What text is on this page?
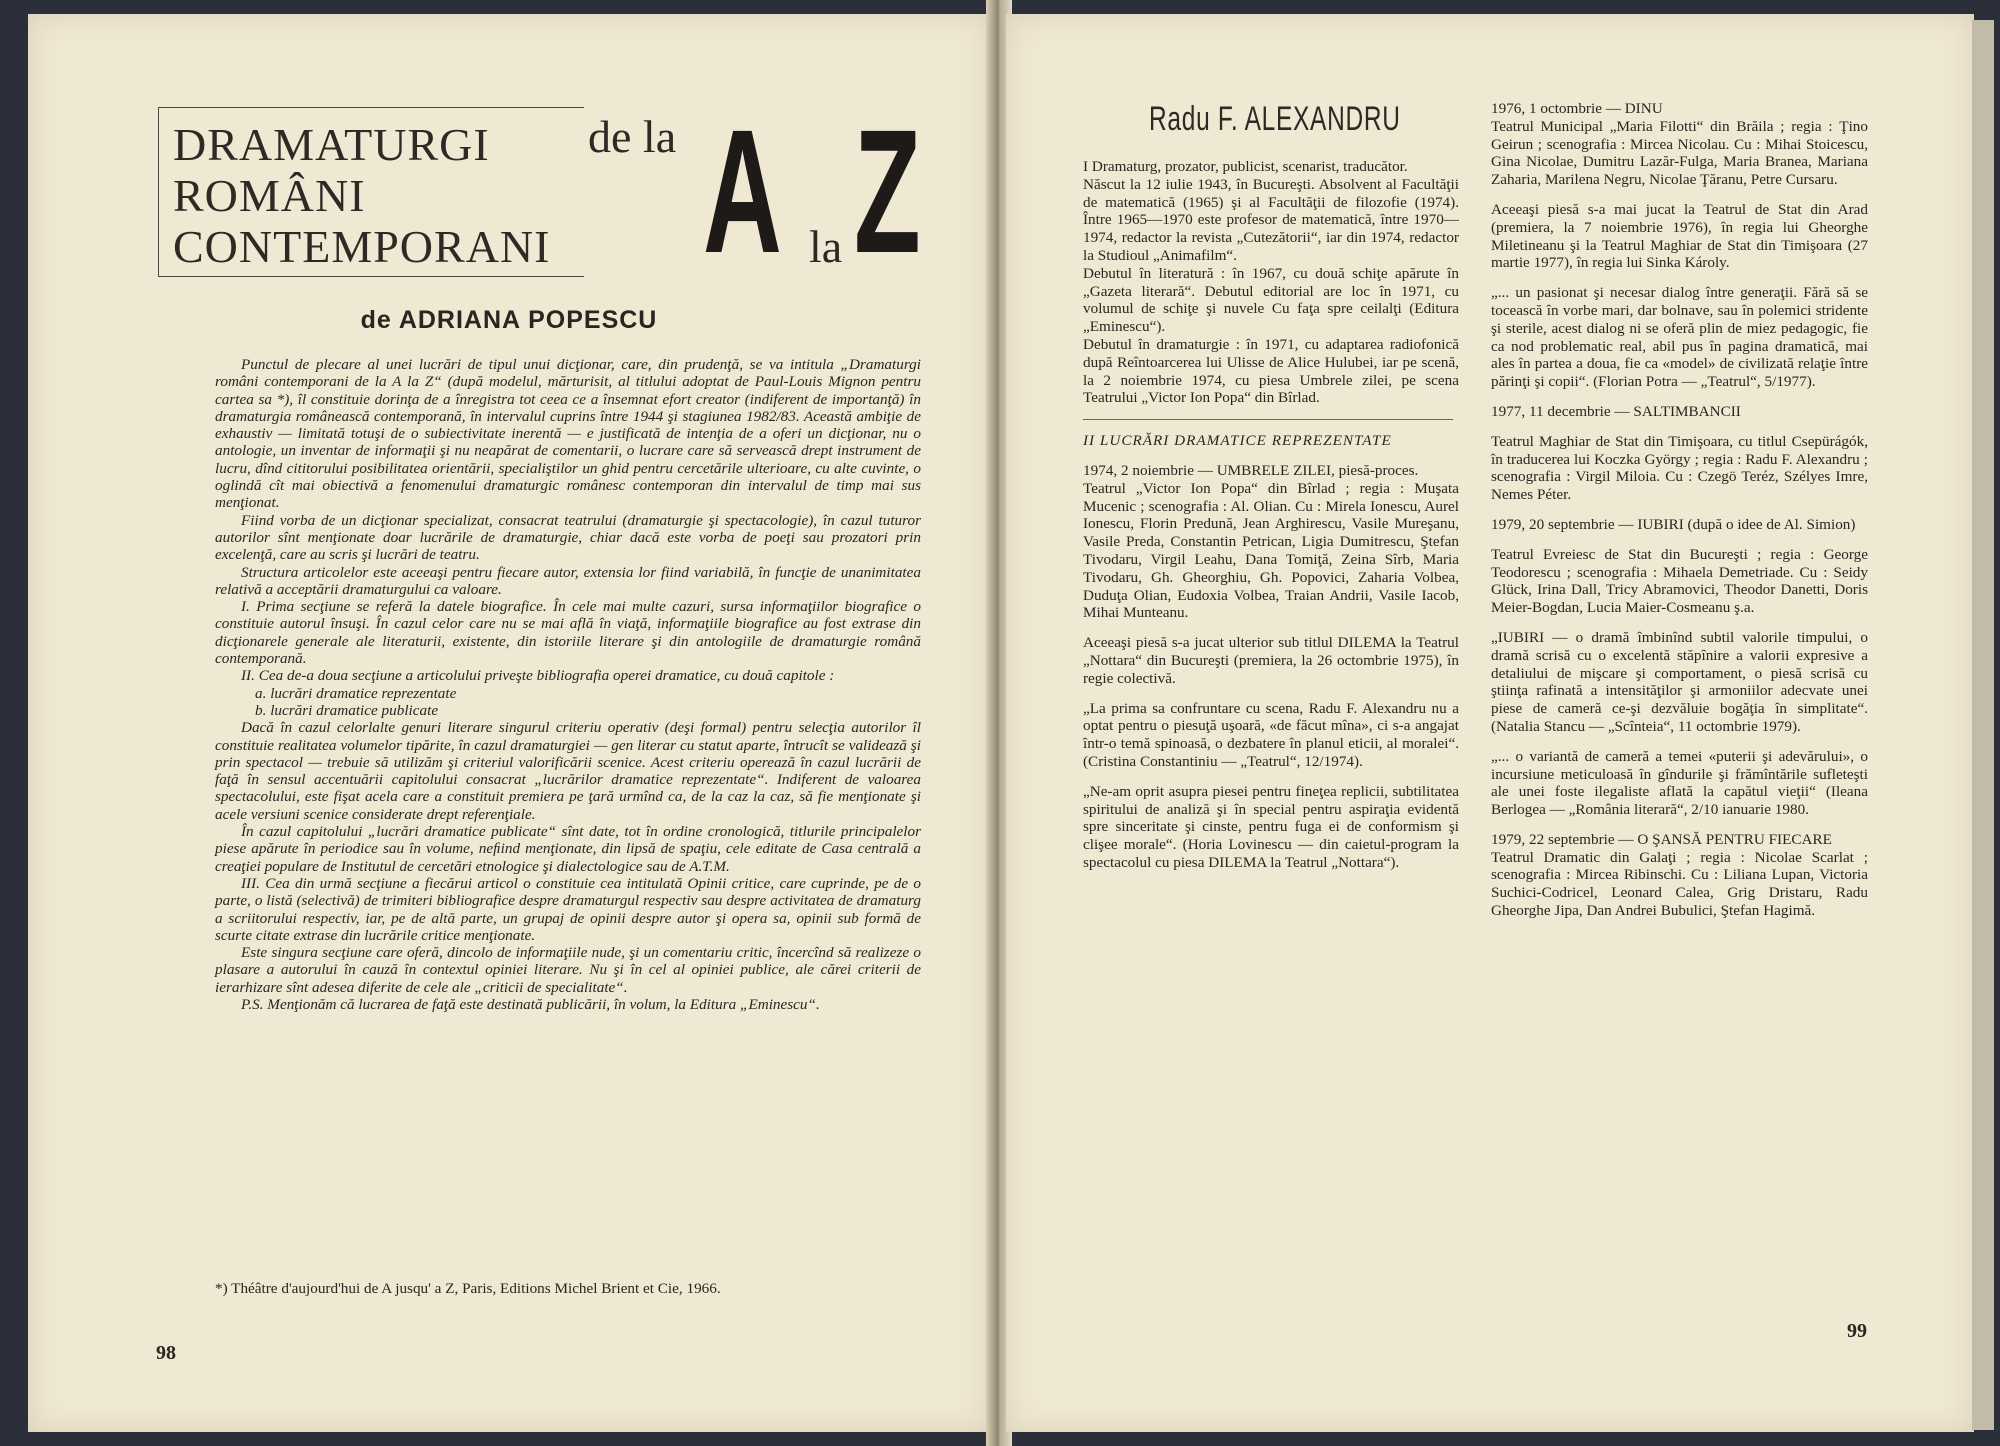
DRAMATURGI
ROMÂNI
CONTEMPORANI
de la A la Z
de ADRIANA POPESCU

Punctul de plecare al unei lucrări de tipul unui dicţionar, care, din prudenţă, se va intitula „Dramaturgi români contemporani de la A la Z“ (după modelul, mărturisit, al titlului adoptat de Paul-Louis Mignon pentru cartea sa *), îl constituie dorinţa de a înregistra tot ceea ce a însemnat efort creator (indiferent de importanţă) în dramaturgia românească contemporană, în intervalul cuprins între 1944 şi stagiunea 1982/83. Această ambiţie de exhaustiv — limitată totuşi de o subiectivitate inerentă — e justificată de intenţia de a oferi un dicţionar, nu o antologie, un inventar de informaţii şi nu neapărat de comentarii, o lucrare care să servească drept instrument de lucru, dînd cititorului posibilitatea orientării, specialiştilor un ghid pentru cercetările ulterioare, cu alte cuvinte, o oglindă cît mai obiectivă a fenomenului dramaturgic românesc contemporan din intervalul de timp mai sus menţionat.

Fiind vorba de un dicţionar specializat, consacrat teatrului (dramaturgie şi spectacologie), în cazul tuturor autorilor sînt menţionate doar lucrările de dramaturgie, chiar dacă este vorba de poeţi sau prozatori prin excelenţă, care au scris şi lucrări de teatru.

Structura articolelor este aceeaşi pentru fiecare autor, extensia lor fiind variabilă, în funcţie de unanimitatea relativă a acceptării dramaturgului ca valoare.

I. Prima secţiune se referă la datele biografice. În cele mai multe cazuri, sursa informaţiilor biografice o constituie autorul însuşi. În cazul celor care nu se mai află în viaţă, informaţiile biografice au fost extrase din dicţionarele generale ale literaturii, existente, din istoriile literare şi din antologiile de dramaturgie română contemporană.

II. Cea de-a doua secţiune a articolului priveşte bibliografia operei dramatice, cu două capitole :

a. lucrări dramatice reprezentate

b. lucrări dramatice publicate

Dacă în cazul celorlalte genuri literare singurul criteriu operativ (deşi formal) pentru selecţia autorilor îl constituie realitatea volumelor tipărite, în cazul dramaturgiei — gen literar cu statut aparte, întrucît se validează şi prin spectacol — trebuie să utilizăm şi criteriul valorificării scenice. Acest criteriu operează în cazul lucrării de faţă în sensul accentuării capitolului consacrat „lucrărilor dramatice reprezentate“. Indiferent de valoarea spectacolului, este fişat acela care a constituit premiera pe ţară urmînd ca, de la caz la caz, să fie menţionate şi acele versiuni scenice considerate drept referenţiale.

În cazul capitolului „lucrări dramatice publicate“ sînt date, tot în ordine cronologică, titlurile principalelor piese apărute în periodice sau în volume, neﬁind menţionate, din lipsă de spaţiu, cele editate de Casa centrală a creaţiei populare de Institutul de cercetări etnologice şi dialectologice sau de A.T.M.

III. Cea din urmă secţiune a fiecărui articol o constituie cea intitulată Opinii critice, care cuprinde, pe de o parte, o listă (selectivă) de trimiteri bibliografice despre dramaturgul respectiv sau despre activitatea de dramaturg a scriitorului respectiv, iar, pe de altă parte, un grupaj de opinii despre autor şi opera sa, opinii sub formă de scurte citate extrase din lucrările critice menţionate.

Este singura secţiune care oferă, dincolo de informaţiile nude, şi un comentariu critic, încercînd să realizeze o plasare a autorului în cauză în contextul opiniei literare. Nu şi în cel al opiniei publice, ale cărei criterii de ierarhizare sînt adesea diferite de cele ale „criticii de specialitate“.

P.S. Menţionăm că lucrarea de faţă este destinată publicării, în volum, la Editura „Eminescu“.

*) Théâtre d'aujourd'hui de A jusqu' a Z, Paris, Editions Michel Brient et Cie, 1966.

98
Radu F. ALEXANDRU

I Dramaturg, prozator, publicist, scenarist, traducător.

Născut la 12 iulie 1943, în Bucureşti. Absolvent al Facultăţii de matematică (1965) şi al Facultăţii de filozofie (1974). Între 1965—1970 este profesor de matematică, între 1970—1974, redactor la revista „Cutezătorii“, iar din 1974, redactor la Studioul „Animafilm“.

Debutul în literatură : în 1967, cu două schiţe apărute în „Gazeta literară“. Debutul editorial are loc în 1971, cu volumul de schiţe şi nuvele Cu faţa spre ceilalţi (Editura „Eminescu“).

Debutul în dramaturgie : în 1971, cu adaptarea radiofonică după Reîntoarcerea lui Ulisse de Alice Hulubei, iar pe scenă, la 2 noiembrie 1974, cu piesa Umbrele zilei, pe scena Teatrului „Victor Ion Popa“ din Bîrlad.

II LUCRĂRI DRAMATICE REPREZENTATE

1974, 2 noiembrie — UMBRELE ZILEI, piesă-proces.

Teatrul „Victor Ion Popa“ din Bîrlad ; regia : Muşata Mucenic ; scenografia : Al. Olian. Cu : Mirela Ionescu, Aurel Ionescu, Florin Predună, Jean Arghirescu, Vasile Mureşanu, Vasile Preda, Constantin Petrican, Ligia Dumitrescu, Ştefan Tivodaru, Virgil Leahu, Dana Tomiţă, Zeina Sîrb, Maria Tivodaru, Gh. Gheorghiu, Gh. Popovici, Zaharia Volbea, Duduţa Olian, Eudoxia Volbea, Traian Andrii, Vasile Iacob, Mihai Munteanu.

Aceeaşi piesă s-a jucat ulterior sub titlul DILEMA la Teatrul „Nottara“ din Bucureşti (premiera, la 26 octombrie 1975), în regie colectivă.

„La prima sa confruntare cu scena, Radu F. Alexandru nu a optat pentru o piesuţă uşoară, «de făcut mîna», ci s-a angajat într-o temă spinoasă, o dezbatere în planul eticii, al moralei“. (Cristina Constantiniu — „Teatrul“, 12/1974).

„Ne-am oprit asupra piesei pentru fineţea replicii, subtilitatea spiritului de analiză şi în special pentru aspiraţia evidentă spre sinceritate şi cinste, pentru fuga ei de conformism şi clişee morale“. (Horia Lovinescu — din caietul-program la spectacolul cu piesa DILEMA la Teatrul „Nottara“).

1976, 1 octombrie — DINU

Teatrul Municipal „Maria Filotti“ din Brăila ; regia : Ţino Geirun ; scenografia : Mircea Nicolau. Cu : Mihai Stoicescu, Gina Nicolae, Dumitru Lazăr-Fulga, Maria Branea, Mariana Zaharia, Marilena Negru, Nicolae Ţăranu, Petre Cursaru.

Aceeaşi piesă s-a mai jucat la Teatrul de Stat din Arad (premiera, la 7 noiembrie 1976), în regia lui Gheorghe Miletineanu şi la Teatrul Maghiar de Stat din Timişoara (27 martie 1977), în regia lui Sinka Károly.

„... un pasionat şi necesar dialog între generaţii. Fără să se tocească în vorbe mari, dar bolnave, sau în polemici stridente şi sterile, acest dialog ni se oferă plin de miez pedagogic, fie ca nod problematic real, abil pus în pagina dramatică, mai ales în partea a doua, fie ca «model» de civilizată relaţie între părinţi şi copii“. (Florian Potra — „Teatrul“, 5/1977).

1977, 11 decembrie — SALTIMBANCII

Teatrul Maghiar de Stat din Timişoara, cu titlul Csepürágók, în traducerea lui Koczka György ; regia : Radu F. Alexandru ; scenografia : Virgil Miloia. Cu : Czegö Teréz, Szélyes Imre, Nemes Péter.

1979, 20 septembrie — IUBIRI (după o idee de Al. Simion)

Teatrul Evreiesc de Stat din Bucureşti ; regia : George Teodorescu ; scenografia : Mihaela Demetriade. Cu : Seidy Glück, Irina Dall, Tricy Abramovici, Theodor Danetti, Doris Meier-Bogdan, Lucia Maier-Cosmeanu ş.a.

„IUBIRI — o dramă îmbinînd subtil valorile timpului, o dramă scrisă cu o excelentă stăpînire a valorii expresive a detaliului de mişcare şi comportament, o piesă scrisă cu ştiinţa rafinată a intensităţilor şi armoniilor adecvate unei piese de cameră ce-şi dezvăluie bogăţia în simplitate“. (Natalia Stancu — „Scînteia“, 11 octombrie 1979).

„... o variantă de cameră a temei «puterii şi adevărului», o incursiune meticuloasă în gîndurile şi frămîntările sufleteşti ale unei foste ilegaliste aflată la capătul vieţii“ (Ileana Berlogea — „România literară“, 2/10 ianuarie 1980.

1979, 22 septembrie — O ŞANSĂ PENTRU FIECARE

Teatrul Dramatic din Galaţi ; regia : Nicolae Scarlat ; scenografia : Mircea Ribinschi. Cu : Liliana Lupan, Victoria Suchici-Codricel, Leonard Calea, Grig Dristaru, Radu Gheorghe Jipa, Dan Andrei Bubulici, Ştefan Hagimă.

99
